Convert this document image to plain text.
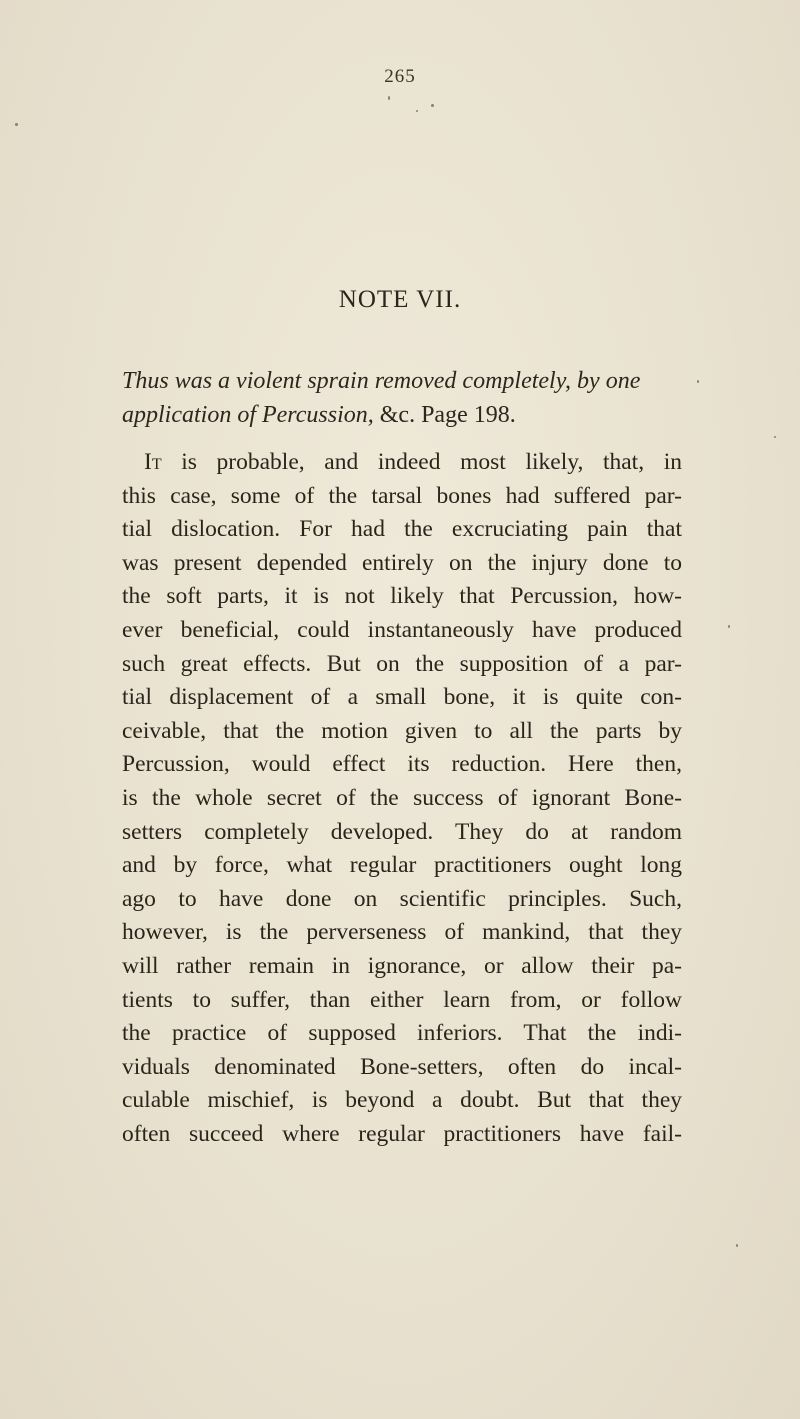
265
NOTE VII.
Thus was a violent sprain removed completely, by one
application of Percussion, &c. Page 198.
It is probable, and indeed most likely, that, in
this case, some of the tarsal bones had suffered par-
tial dislocation. For had the excruciating pain that
was present depended entirely on the injury done to
the soft parts, it is not likely that Percussion, how-
ever beneficial, could instantaneously have produced
such great effects. But on the supposition of a par-
tial displacement of a small bone, it is quite con-
ceivable, that the motion given to all the parts by
Percussion, would effect its reduction. Here then,
is the whole secret of the success of ignorant Bone-
setters completely developed. They do at random
and by force, what regular practitioners ought long
ago to have done on scientific principles. Such,
however, is the perverseness of mankind, that they
will rather remain in ignorance, or allow their pa-
tients to suffer, than either learn from, or follow
the practice of supposed inferiors. That the indi-
viduals denominated Bone-setters, often do incal-
culable mischief, is beyond a doubt. But that they
often succeed where regular practitioners have fail-
